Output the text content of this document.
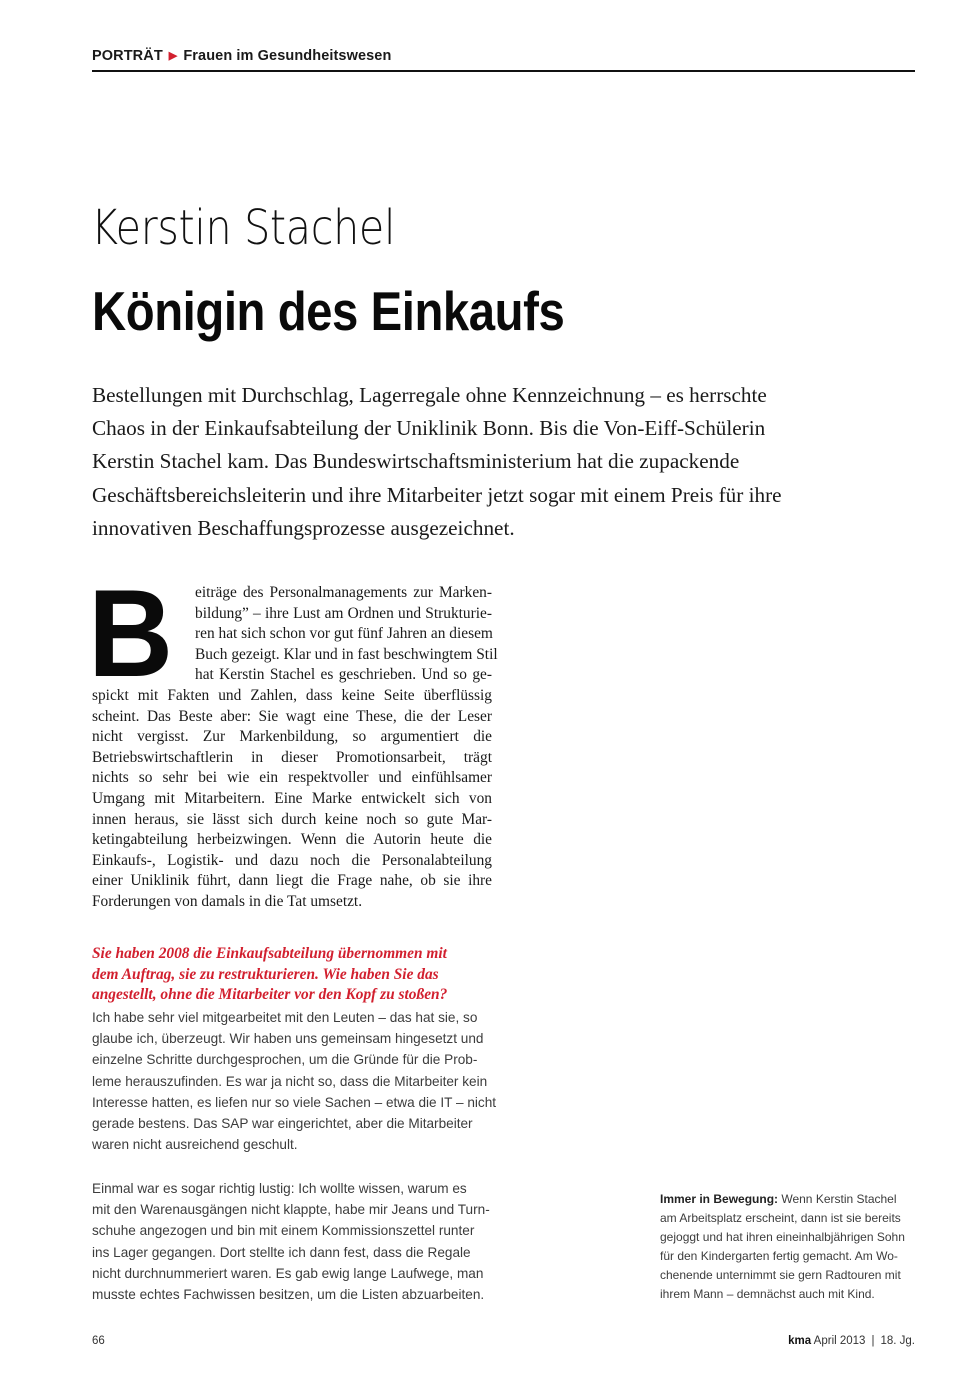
PORTRÄT ▶ Frauen im Gesundheitswesen
Kerstin Stachel
Königin des Einkaufs
Bestellungen mit Durchschlag, Lagerregale ohne Kennzeichnung – es herrschte
Chaos in der Einkaufsabteilung der Uniklinik Bonn. Bis die Von-Eiff-Schülerin
Kerstin Stachel kam. Das Bundeswirtschaftsministerium hat die zupackende
Geschäftsbereichsleiterin und ihre Mitarbeiter jetzt sogar mit einem Preis für ihre
innovativen Beschaffungsprozesse ausgezeichnet.
B	eiträge des Personalmanagements zur Marken-
bildung” – ihre Lust am Ordnen und Strukturie-
ren hat sich schon vor gut fünf Jahren an diesem
Buch gezeigt. Klar und in fast beschwingtem Stil
hat Kerstin Stachel es geschrieben. Und so ge-
spickt mit Fakten und Zahlen, dass keine Seite überflüssig
scheint. Das Beste aber: Sie wagt eine These, die der Leser
nicht vergisst. Zur Markenbildung, so argumentiert die
Betriebswirtschaftlerin in dieser Promotionsarbeit, trägt
nichts so sehr bei wie ein respektvoller und einfühlsamer
Umgang mit Mitarbeitern. Eine Marke entwickelt sich von
innen heraus, sie lässt sich durch keine noch so gute Mar-
ketingabteilung herbeizwingen. Wenn die Autorin heute die
Einkaufs-, Logistik- und dazu noch die Personalabteilung
einer Uniklinik führt, dann liegt die Frage nahe, ob sie ihre
Forderungen von damals in die Tat umsetzt.
Sie haben 2008 die Einkaufsabteilung übernommen mit
dem Auftrag, sie zu restrukturieren. Wie haben Sie das
angestellt, ohne die Mitarbeiter vor den Kopf zu stoßen?
Ich habe sehr viel mitgearbeitet mit den Leuten – das hat sie, so
glaube ich, überzeugt. Wir haben uns gemeinsam hingesetzt und
einzelne Schritte durchgesprochen, um die Gründe für die Prob-
leme herauszufinden. Es war ja nicht so, dass die Mitarbeiter kein
Interesse hatten, es liefen nur so viele Sachen – etwa die IT – nicht
gerade bestens. Das SAP war eingerichtet, aber die Mitarbeiter
waren nicht ausreichend geschult.
Einmal war es sogar richtig lustig: Ich wollte wissen, warum es
mit den Warenausgängen nicht klappte, habe mir Jeans und Turn-
schuhe angezogen und bin mit einem Kommissionszettel runter
ins Lager gegangen. Dort stellte ich dann fest, dass die Regale
nicht durchnummeriert waren. Es gab ewig lange Laufwege, man
musste echtes Fachwissen besitzen, um die Listen abzuarbeiten.
Immer in Bewegung: Wenn Kerstin Stachel
am Arbeitsplatz erscheint, dann ist sie bereits
gejoggt und hat ihren eineinhalbjährigen Sohn
für den Kindergarten fertig gemacht. Am Wo-
chenende unternimmt sie gern Radtouren mit
ihrem Mann – demnächst auch mit Kind.
66	kma April 2013 | 18. Jg.
